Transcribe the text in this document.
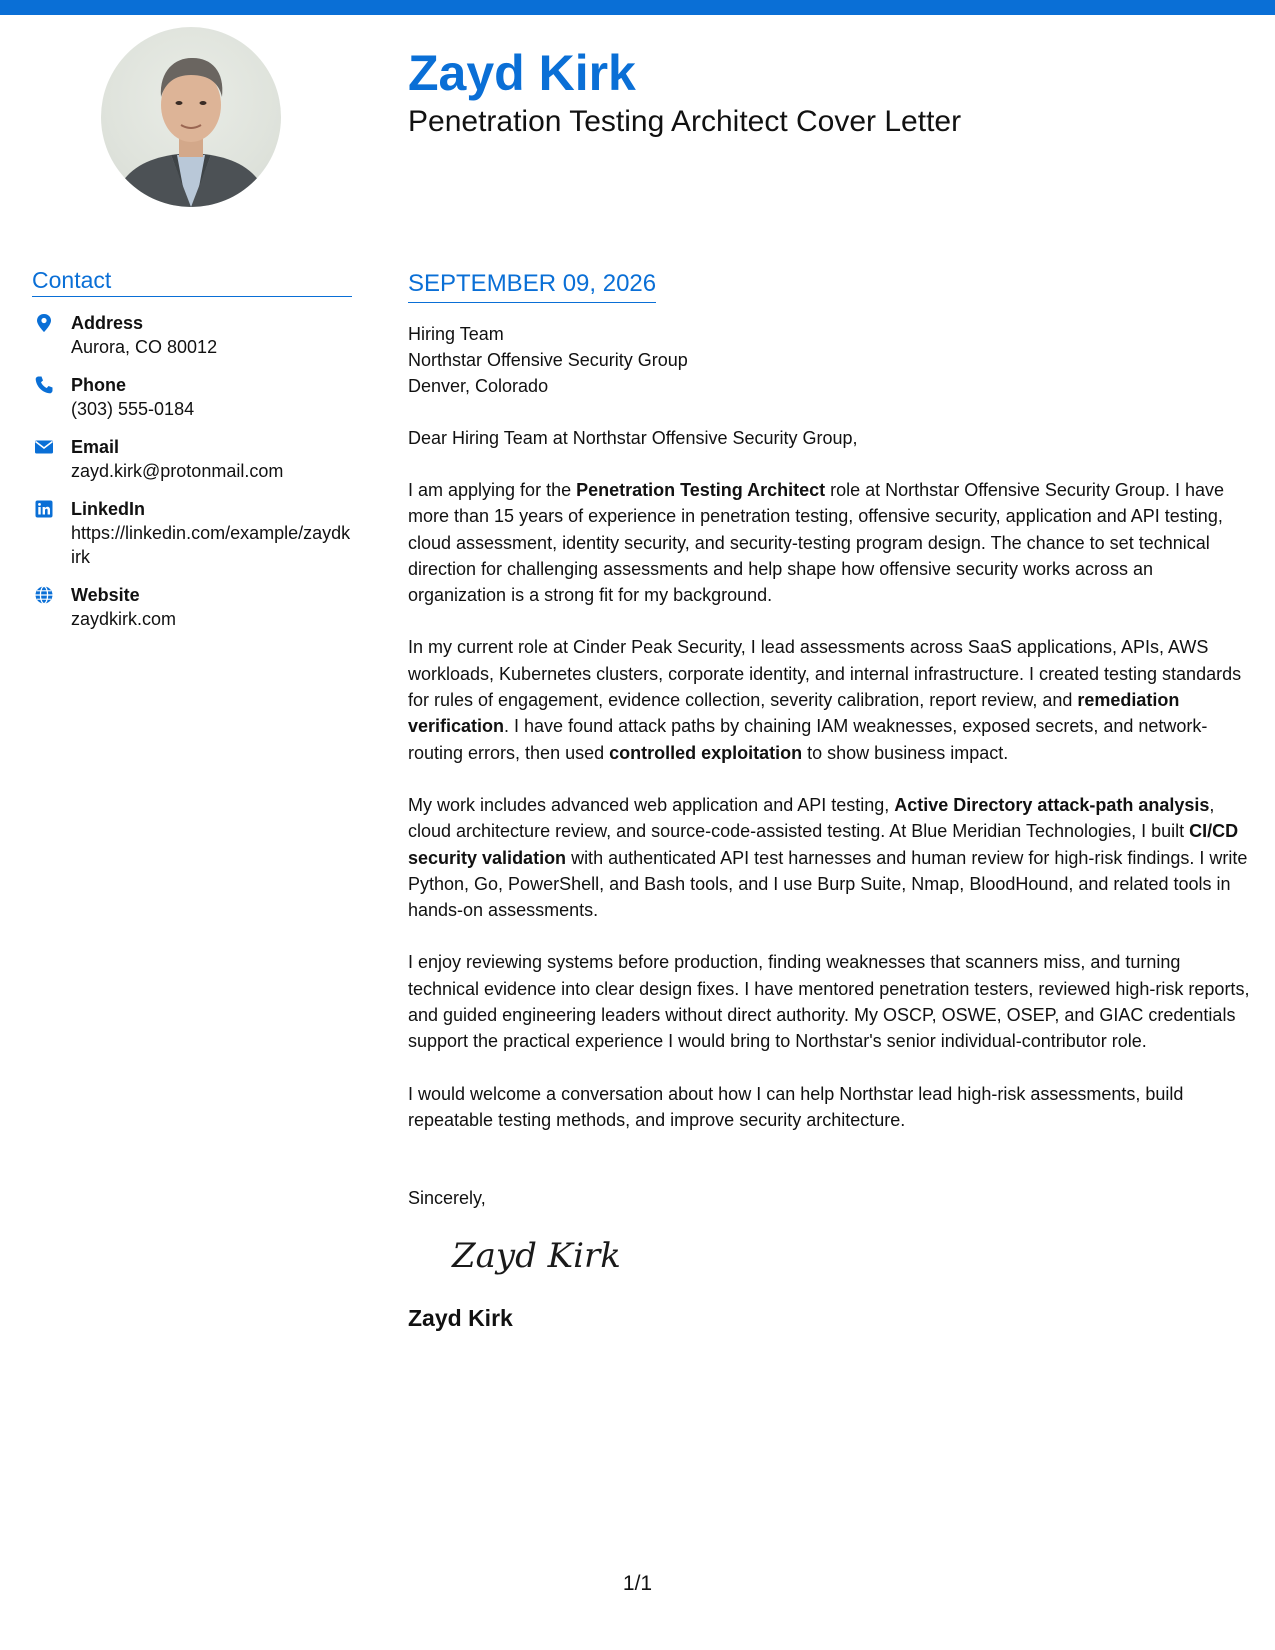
Zayd Kirk
Penetration Testing Architect Cover Letter
Contact
Address
Aurora, CO 80012
Phone
(303) 555-0184
Email
zayd.kirk@protonmail.com
LinkedIn
https://linkedin.com/example/zaydkirk
Website
zaydkirk.com
SEPTEMBER 09, 2026
Hiring Team
Northstar Offensive Security Group
Denver, Colorado
Dear Hiring Team at Northstar Offensive Security Group,

I am applying for the Penetration Testing Architect role at Northstar Offensive Security Group. I have more than 15 years of experience in penetration testing, offensive security, application and API testing, cloud assessment, identity security, and security-testing program design. The chance to set technical direction for challenging assessments and help shape how offensive security works across an organization is a strong fit for my background.

In my current role at Cinder Peak Security, I lead assessments across SaaS applications, APIs, AWS workloads, Kubernetes clusters, corporate identity, and internal infrastructure. I created testing standards for rules of engagement, evidence collection, severity calibration, report review, and remediation verification. I have found attack paths by chaining IAM weaknesses, exposed secrets, and network-routing errors, then used controlled exploitation to show business impact.

My work includes advanced web application and API testing, Active Directory attack-path analysis, cloud architecture review, and source-code-assisted testing. At Blue Meridian Technologies, I built CI/CD security validation with authenticated API test harnesses and human review for high-risk findings. I write Python, Go, PowerShell, and Bash tools, and I use Burp Suite, Nmap, BloodHound, and related tools in hands-on assessments.

I enjoy reviewing systems before production, finding weaknesses that scanners miss, and turning technical evidence into clear design fixes. I have mentored penetration testers, reviewed high-risk reports, and guided engineering leaders without direct authority. My OSCP, OSWE, OSEP, and GIAC credentials support the practical experience I would bring to Northstar's senior individual-contributor role.

I would welcome a conversation about how I can help Northstar lead high-risk assessments, build repeatable testing methods, and improve security architecture.

Sincerely,
Zayd Kirk
Zayd Kirk
1/1
